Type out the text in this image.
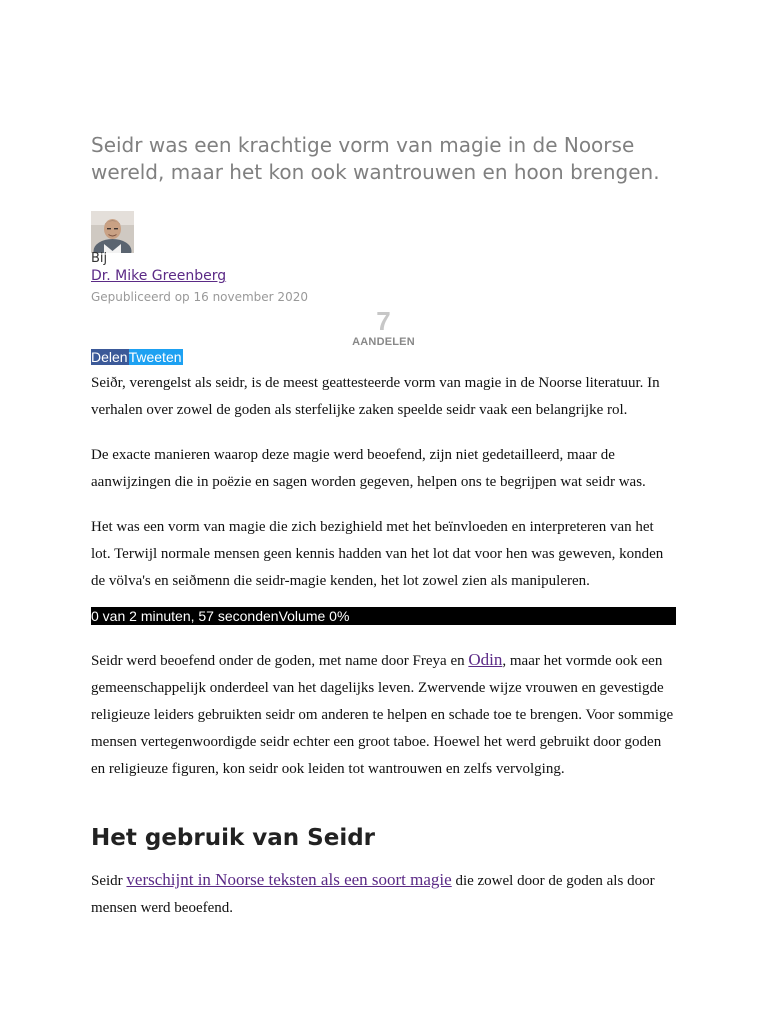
Seidr was een krachtige vorm van magie in de Noorse wereld, maar het kon ook wantrouwen en hoon brengen.
Bij
Dr. Mike Greenberg
Gepubliceerd op 16 november 2020
7
AANDELEN
Delen Tweeten

Seiðr, verengelst als seidr, is de meest geattesteerde vorm van magie in de Noorse literatuur. In verhalen over zowel de goden als sterfelijke zaken speelde seidr vaak een belangrijke rol.

De exacte manieren waarop deze magie werd beoefend, zijn niet gedetailleerd, maar de aanwijzingen die in poëzie en sagen worden gegeven, helpen ons te begrijpen wat seidr was.

Het was een vorm van magie die zich bezighield met het beïnvloeden en interpreteren van het lot. Terwijl normale mensen geen kennis hadden van het lot dat voor hen was geweven, konden de völva's en seiðmenn die seidr-magie kenden, het lot zowel zien als manipuleren.

0 van 2 minuten, 57 secondenVolume 0%

Seidr werd beoefend onder de goden, met name door Freya en Odin, maar het vormde ook een gemeenschappelijk onderdeel van het dagelijks leven. Zwervende wijze vrouwen en gevestigde religieuze leiders gebruikten seidr om anderen te helpen en schade toe te brengen. Voor sommige mensen vertegenwoordigde seidr echter een groot taboe. Hoewel het werd gebruikt door goden en religieuze figuren, kon seidr ook leiden tot wantrouwen en zelfs vervolging.

Het gebruik van Seidr

Seidr verschijnt in Noorse teksten als een soort magie die zowel door de goden als door mensen werd beoefend.
